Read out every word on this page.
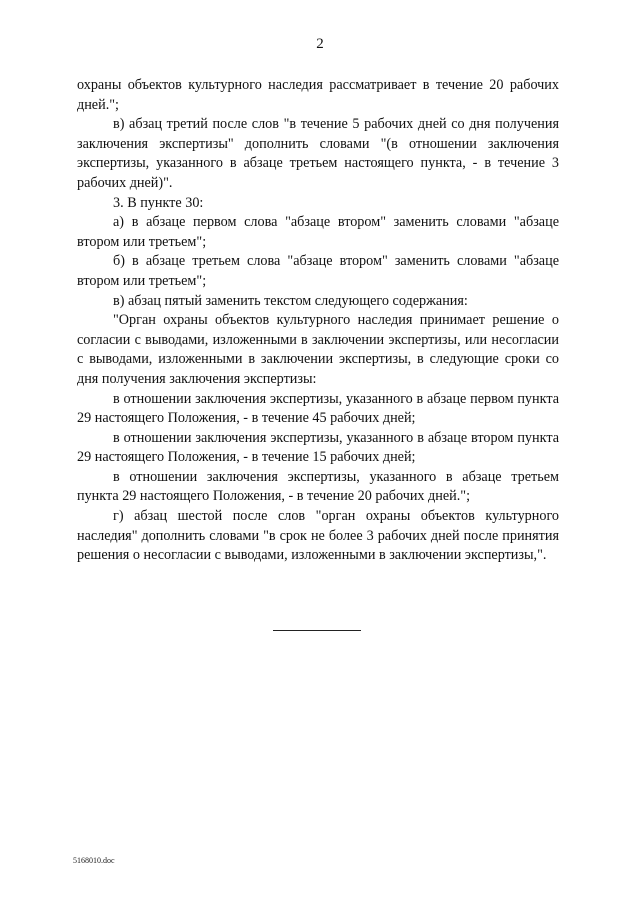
2

охраны объектов культурного наследия рассматривает в течение 20 рабочих дней.";

в) абзац третий после слов "в течение 5 рабочих дней со дня получения заключения экспертизы" дополнить словами "(в отношении заключения экспертизы, указанного в абзаце третьем настоящего пункта, - в течение 3 рабочих дней)".

3. В пункте 30:

а) в абзаце первом слова "абзаце втором" заменить словами "абзаце втором или третьем";

б) в абзаце третьем слова "абзаце втором" заменить словами "абзаце втором или третьем";

в) абзац пятый заменить текстом следующего содержания:

"Орган охраны объектов культурного наследия принимает решение о согласии с выводами, изложенными в заключении экспертизы, или несогласии с выводами, изложенными в заключении экспертизы, в следующие сроки со дня получения заключения экспертизы:

в отношении заключения экспертизы, указанного в абзаце первом пункта 29 настоящего Положения, - в течение 45 рабочих дней;

в отношении заключения экспертизы, указанного в абзаце втором пункта 29 настоящего Положения, - в течение 15 рабочих дней;

в отношении заключения экспертизы, указанного в абзаце третьем пункта 29 настоящего Положения, - в течение 20 рабочих дней.";

г) абзац шестой после слов "орган охраны объектов культурного наследия" дополнить словами "в срок не более 3 рабочих дней после принятия решения о несогласии с выводами, изложенными в заключении экспертизы,".

5168010.doc
